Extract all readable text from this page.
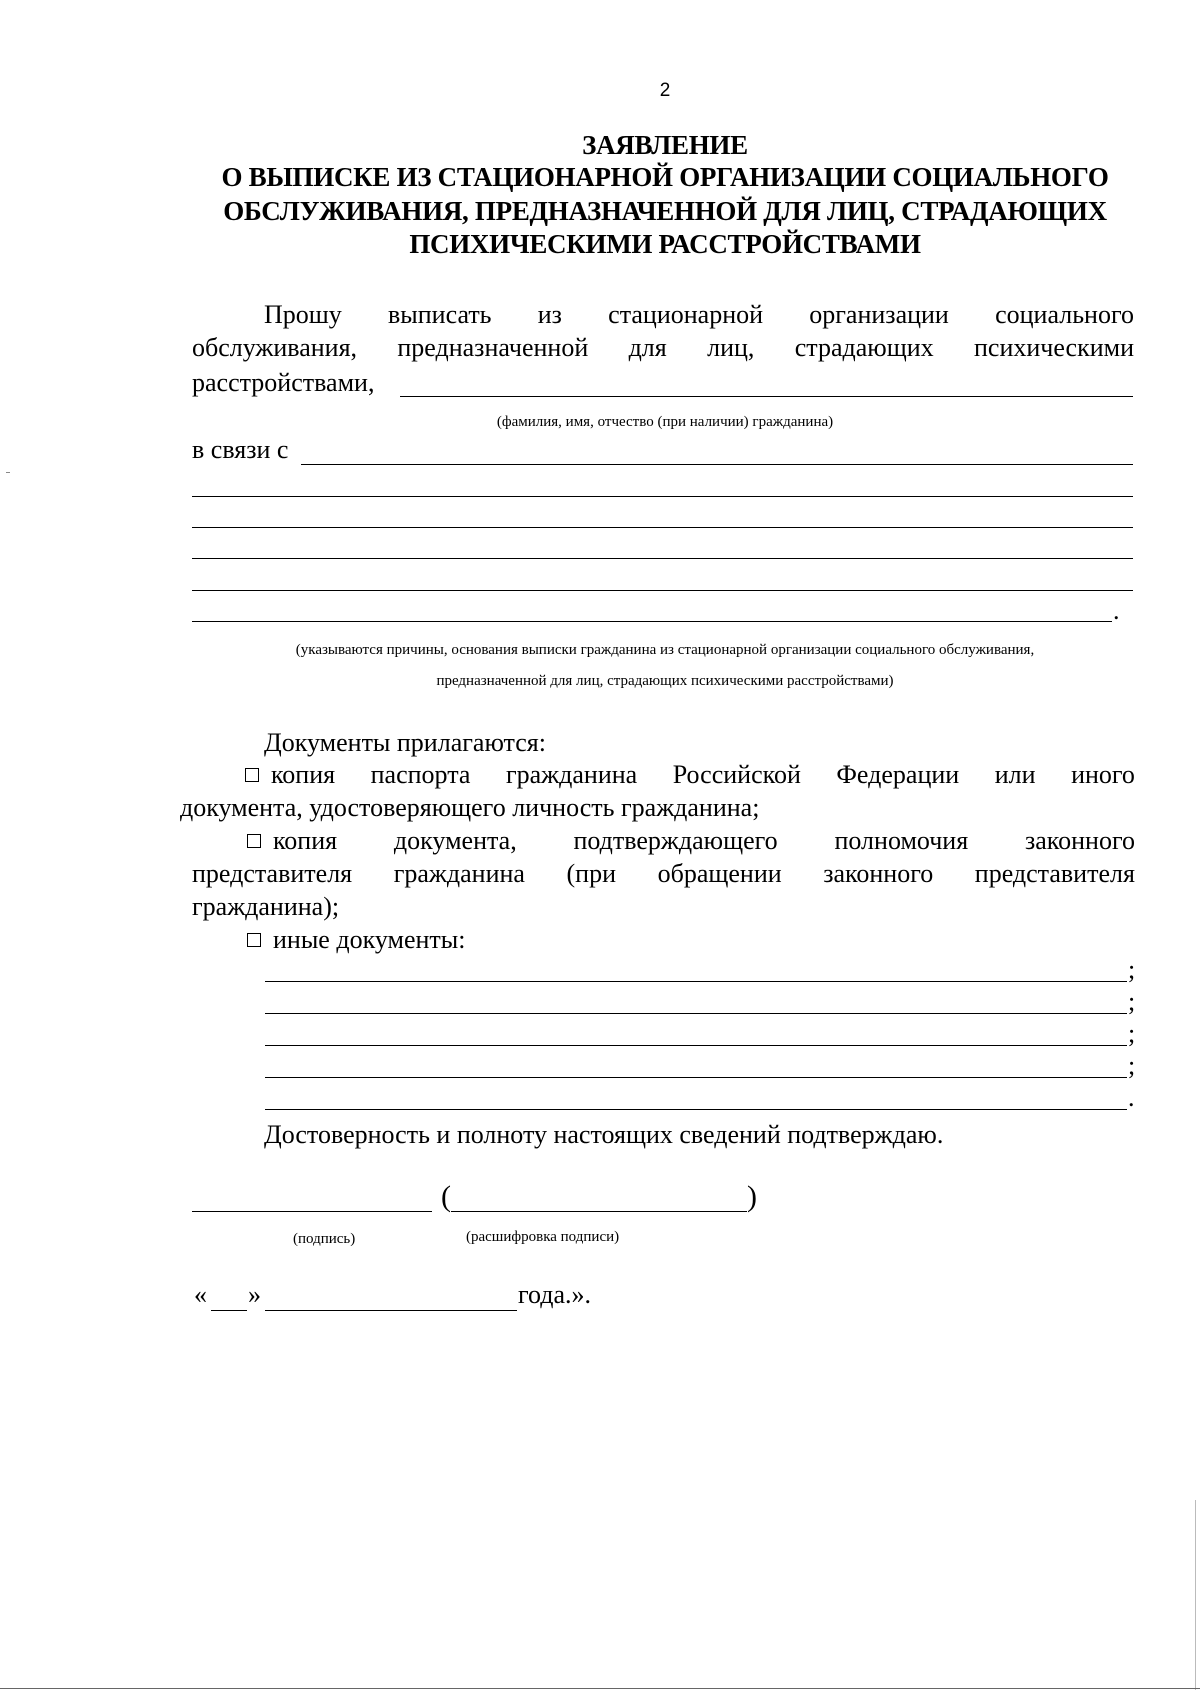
2
ЗАЯВЛЕНИЕ
О ВЫПИСКЕ ИЗ СТАЦИОНАРНОЙ ОРГАНИЗАЦИИ СОЦИАЛЬНОГО
ОБСЛУЖИВАНИЯ, ПРЕДНАЗНАЧЕННОЙ ДЛЯ ЛИЦ, СТРАДАЮЩИХ
ПСИХИЧЕСКИМИ РАССТРОЙСТВАМИ
Прошу выписать из стационарной организации социального
обслуживания, предназначенной для лиц, страдающих психическими
расстройствами,
(фамилия, имя, отчество (при наличии) гражданина)
в связи с
.
(указываются причины, основания выписки гражданина из стационарной организации социального обслуживания,
предназначенной для лиц, страдающих психическими расстройствами)
Документы прилагаются:
копия паспорта гражданина Российской Федерации или иного
документа, удостоверяющего личность гражданина;
копия документа, подтверждающего полномочия законного
представителя гражданина (при обращении законного представителя
гражданина);
иные документы:
;
;
;
;
.
Достоверность и полноту настоящих сведений подтверждаю.
(	)
(подпись)	(расшифровка подписи)
« »	года.».
